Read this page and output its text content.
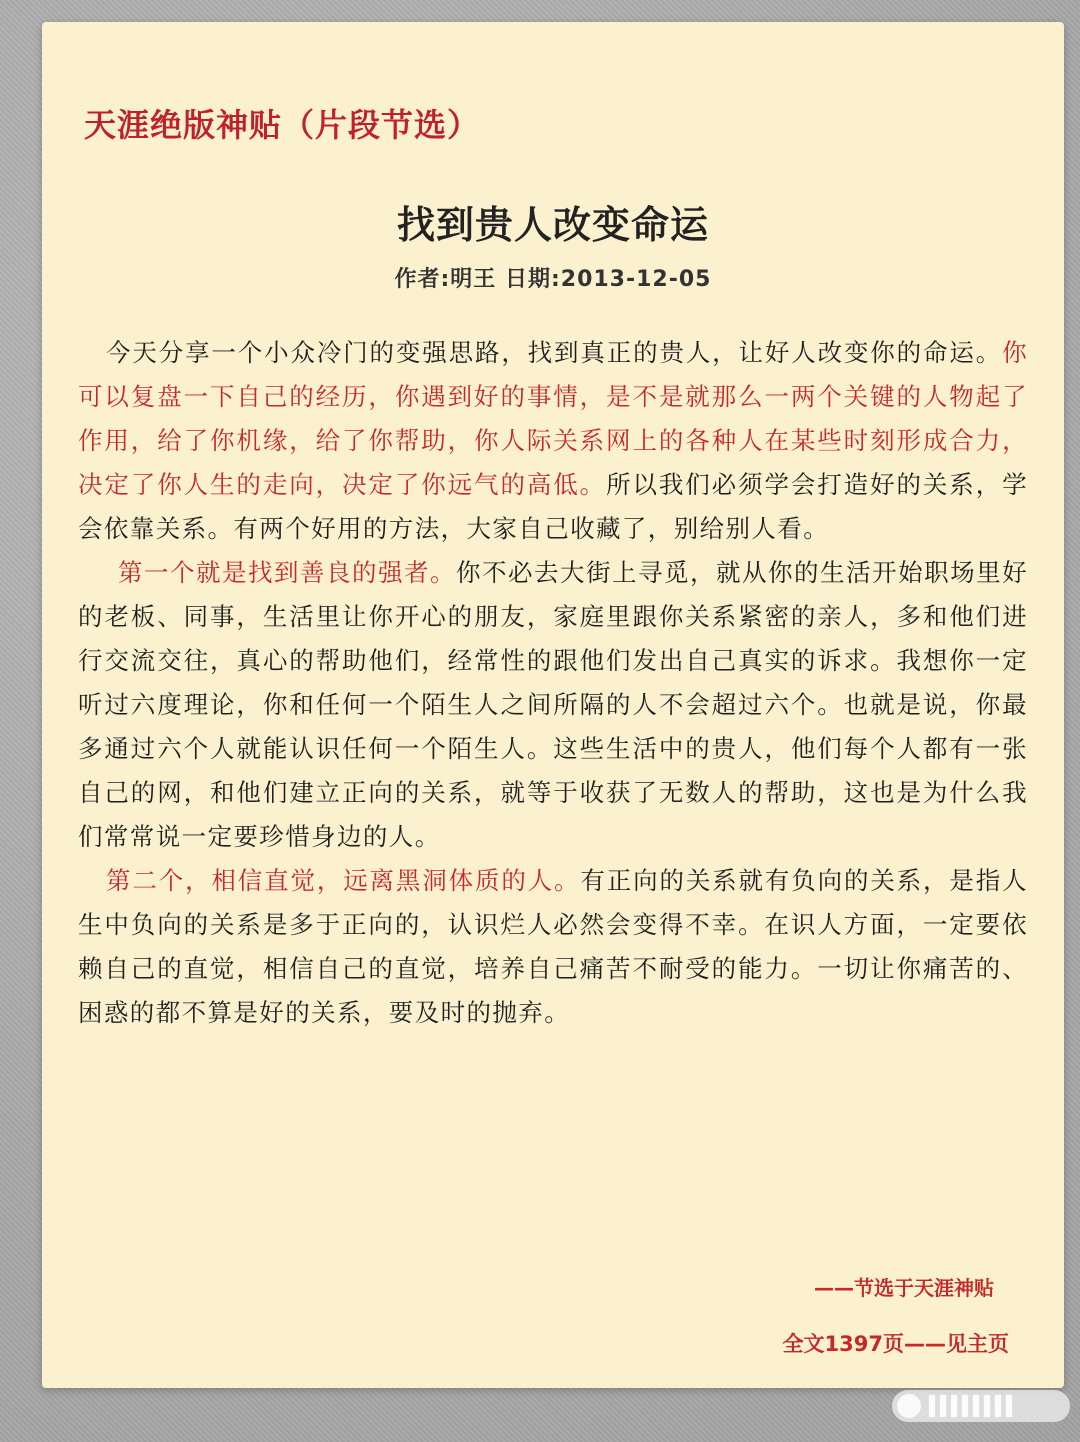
天涯绝版神贴（片段节选）
找到贵人改变命运
作者:明王 日期:2013-12-05

今天分享一个小众冷门的变强思路，找到真正的贵人，让好人改变你的命运。你可以复盘一下自己的经历，你遇到好的事情，是不是就那么一两个关键的人物起了作用，给了你机缘，给了你帮助，你人际关系网上的各种人在某些时刻形成合力，决定了你人生的走向，决定了你远气的高低。所以我们必须学会打造好的关系，学会依靠关系。有两个好用的方法，大家自己收藏了，别给别人看。

第一个就是找到善良的强者。你不必去大街上寻觅，就从你的生活开始职场里好的老板、同事，生活里让你开心的朋友，家庭里跟你关系紧密的亲人，多和他们进行交流交往，真心的帮助他们，经常性的跟他们发出自己真实的诉求。我想你一定听过六度理论，你和任何一个陌生人之间所隔的人不会超过六个。也就是说，你最多通过六个人就能认识任何一个陌生人。这些生活中的贵人，他们每个人都有一张自己的网，和他们建立正向的关系，就等于收获了无数人的帮助，这也是为什么我们常常说一定要珍惜身边的人。

第二个，相信直觉，远离黑洞体质的人。有正向的关系就有负向的关系，是指人生中负向的关系是多于正向的，认识烂人必然会变得不幸。在识人方面，一定要依赖自己的直觉，相信自己的直觉，培养自己痛苦不耐受的能力。一切让你痛苦的、困惑的都不算是好的关系，要及时的抛弃。

——节选于天涯神贴
全文1397页——见主页
